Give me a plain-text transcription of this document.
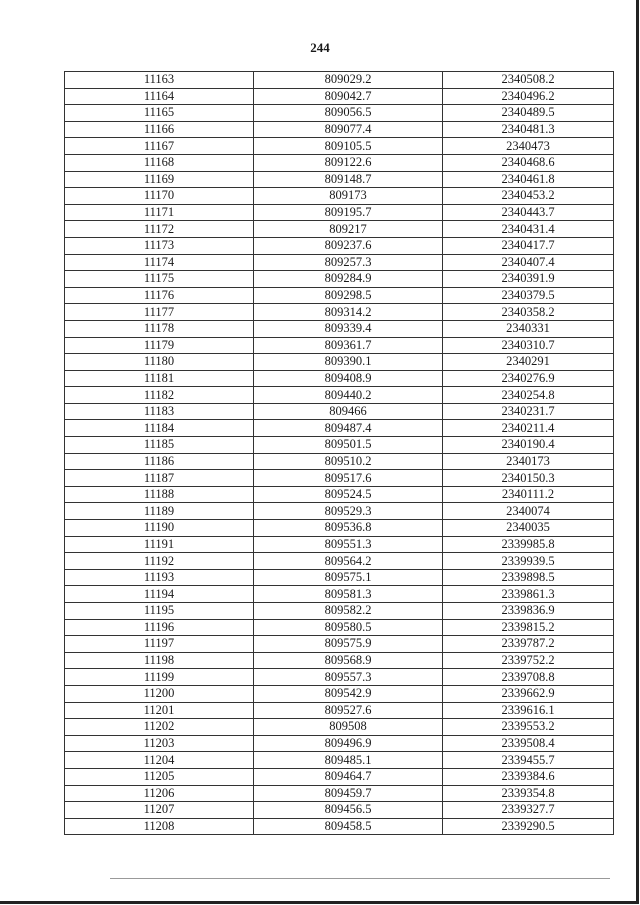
244
11163	809029.2	2340508.2
11164	809042.7	2340496.2
11165	809056.5	2340489.5
11166	809077.4	2340481.3
11167	809105.5	2340473
11168	809122.6	2340468.6
11169	809148.7	2340461.8
11170	809173	2340453.2
11171	809195.7	2340443.7
11172	809217	2340431.4
11173	809237.6	2340417.7
11174	809257.3	2340407.4
11175	809284.9	2340391.9
11176	809298.5	2340379.5
11177	809314.2	2340358.2
11178	809339.4	2340331
11179	809361.7	2340310.7
11180	809390.1	2340291
11181	809408.9	2340276.9
11182	809440.2	2340254.8
11183	809466	2340231.7
11184	809487.4	2340211.4
11185	809501.5	2340190.4
11186	809510.2	2340173
11187	809517.6	2340150.3
11188	809524.5	2340111.2
11189	809529.3	2340074
11190	809536.8	2340035
11191	809551.3	2339985.8
11192	809564.2	2339939.5
11193	809575.1	2339898.5
11194	809581.3	2339861.3
11195	809582.2	2339836.9
11196	809580.5	2339815.2
11197	809575.9	2339787.2
11198	809568.9	2339752.2
11199	809557.3	2339708.8
11200	809542.9	2339662.9
11201	809527.6	2339616.1
11202	809508	2339553.2
11203	809496.9	2339508.4
11204	809485.1	2339455.7
11205	809464.7	2339384.6
11206	809459.7	2339354.8
11207	809456.5	2339327.7
11208	809458.5	2339290.5
